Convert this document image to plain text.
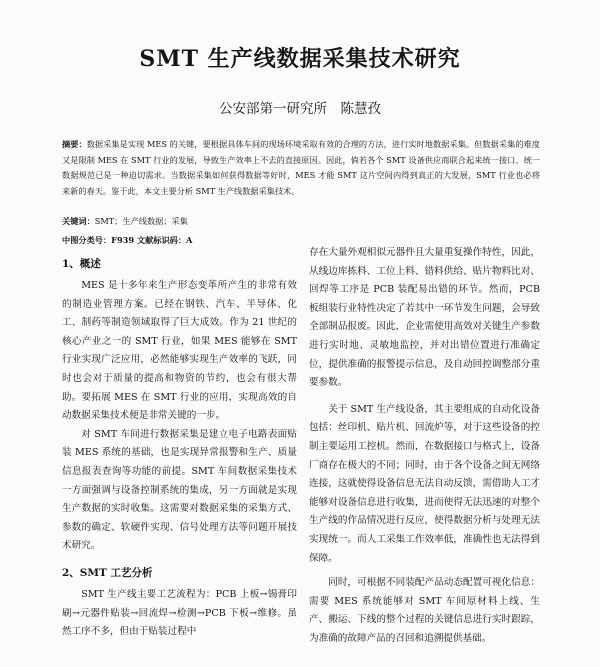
SMT 生产线数据采集技术研究
公安部第一研究所　陈慧孜
摘要：数据采集是实现 MES 的关键，要根据具体车间的现场环境采取有效的合理的方法，进行实时地数据采集。但数据采集的难度又是限制 MES 在 SMT 行业的发展，导致生产效率上不去的直接原因。因此，倘若各个 SMT 设备供应商联合起来统一接口、统一数据规范已是一种迫切需求。当数据采集如何获得数据等好时，MES 才能 SMT 这片空间内得到真正的大发展，SMT 行业也必将来新的春天。鉴于此，本文主要分析 SMT 生产线数据采集技术。
关键词：SMT；生产线数据；采集
中图分类号：F939 文献标识码：A
1、概述

MES 是十多年来生产形态变革所产生的非常有效的制造业管理方案。已经在钢铁、汽车、半导体、化工、制药等制造领域取得了巨大成效。作为 21 世纪的核心产业之一的 SMT 行业，如果 MES 能够在 SMT 行业实现广泛应用，必然能够实现生产效率的飞跃，同时也会对于质量的提高和物资的节约，也会有很大帮助。要拓展 MES 在 SMT 行业的应用，实现高效的自动数据采集技术便是非常关键的一步。

对 SMT 车间进行数据采集是建立电子电路表面贴装 MES 系统的基础，也是实现异常报警和生产、质量信息报表查询等功能的前提。SMT 车间数据采集技术一方面强调与设备控制系统的集成，另一方面就是实现生产数据的实时收集。这需要对数据采集的采集方式、参数的确定、软硬件实现、信号处理方法等问题开展技术研究。

2、SMT 工艺分析

SMT 生产线主要工艺流程为：PCB 上板→锡膏印刷→元器件贴装→回流焊→检测→PCB 下板→维修。虽然工序不多，但由于贴装过程中

存在大量外观相似元器件且大量重复操作特性，因此，从线边库拣料、工位上料、错料供给、贴片物料比对、回焊等工序是 PCB 装配易出错的环节。然而，PCB 板组装行业特性决定了若其中一环节发生问题，会导致全部制品报废。因此，企业需使用高效对关键生产参数进行实时地、灵敏地监控，并对出错位置进行准确定位，提供准确的报警提示信息，及自动回控调整部分重要参数。

关于 SMT 生产线设备，其主要组成的自动化设备包括：丝印机、贴片机、回流炉等，对于这些设备的控制主要运用工控机。然而，在数据接口与格式上，设备厂商存在极大的不同；同时，由于各个设备之间无网络连接，这就使得设备信息无法自动反馈，需借助人工才能够对设备信息进行收集，进而使得无法迅速的对整个生产线的作品情况进行反应，使得数据分析与处理无法实现统一。而人工采集工作效率低，准确性也无法得到保障。

同时，可根据不同装配产品动态配置可视化信息：需要 MES 系统能够对 SMT 车间原材料上线、生产、搬运、下线的整个过程的关键信息进行实时跟踪，为准确的故障产品的召回和追溯提供基础。
